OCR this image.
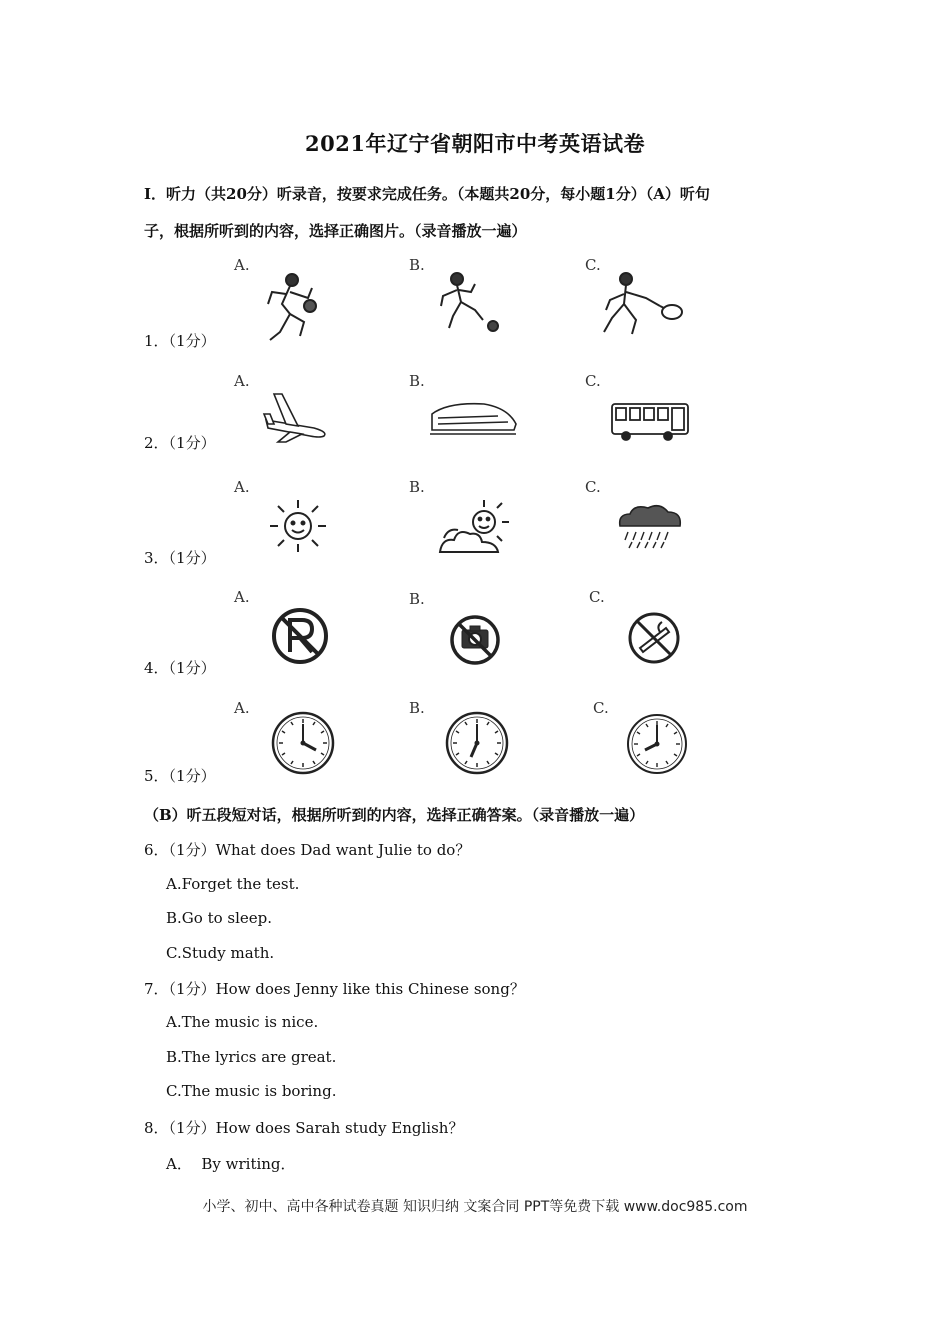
2021年辽宁省朝阳市中考英语试卷
Ⅰ．听力（共20分）听录音，按要求完成任务。（本题共20分，每小题1分）（A）听句
子，根据所听到的内容，选择正确图片。（录音播放一遍）
A.	B.	C.
A.	B.	C.
A.	B.	C.
A.	B.	C.
A.	B.	C.
1．（1分）
2．（1分）
3．（1分）
4．（1分）
5．（1分）
（B）听五段短对话，根据所听到的内容，选择正确答案。（录音播放一遍）
6．（1分）What does Dad want Julie to do？
A.Forget the test.
B.Go to sleep.
C.Study math.
7．（1分）How does Jenny like this Chinese song？
A.The music is nice.
B.The lyrics are great.
C.The music is boring.
8．（1分）How does Sarah study English？
A．  By writing．
小学、初中、高中各种试卷真题 知识归纳 文案合同 PPT等免费下载 www.doc985.com
